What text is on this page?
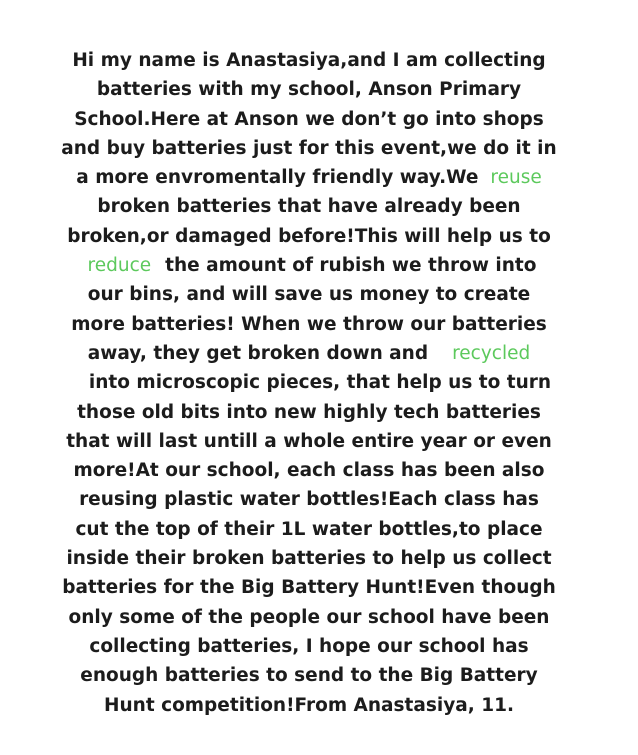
Hi my name is Anastasiya,and I am collecting
batteries with my school, Anson Primary
School.Here at Anson we don’t go into shops
and buy batteries just for this event,we do it in
a more envromentally friendly way.We reuse
broken batteries that have already been
broken,or damaged before!This will help us to
reduce the amount of rubish we throw into
our bins, and will save us money to create
more batteries! When we throw our batteries
away, they get broken down and recycled
into microscopic pieces, that help us to turn
those old bits into new highly tech batteries
that will last untill a whole entire year or even
more!At our school, each class has been also
reusing plastic water bottles!Each class has
cut the top of their 1L water bottles,to place
inside their broken batteries to help us collect
batteries for the Big Battery Hunt!Even though
only some of the people our school have been
collecting batteries, I hope our school has
enough batteries to send to the Big Battery
Hunt competition!From Anastasiya, 11.
